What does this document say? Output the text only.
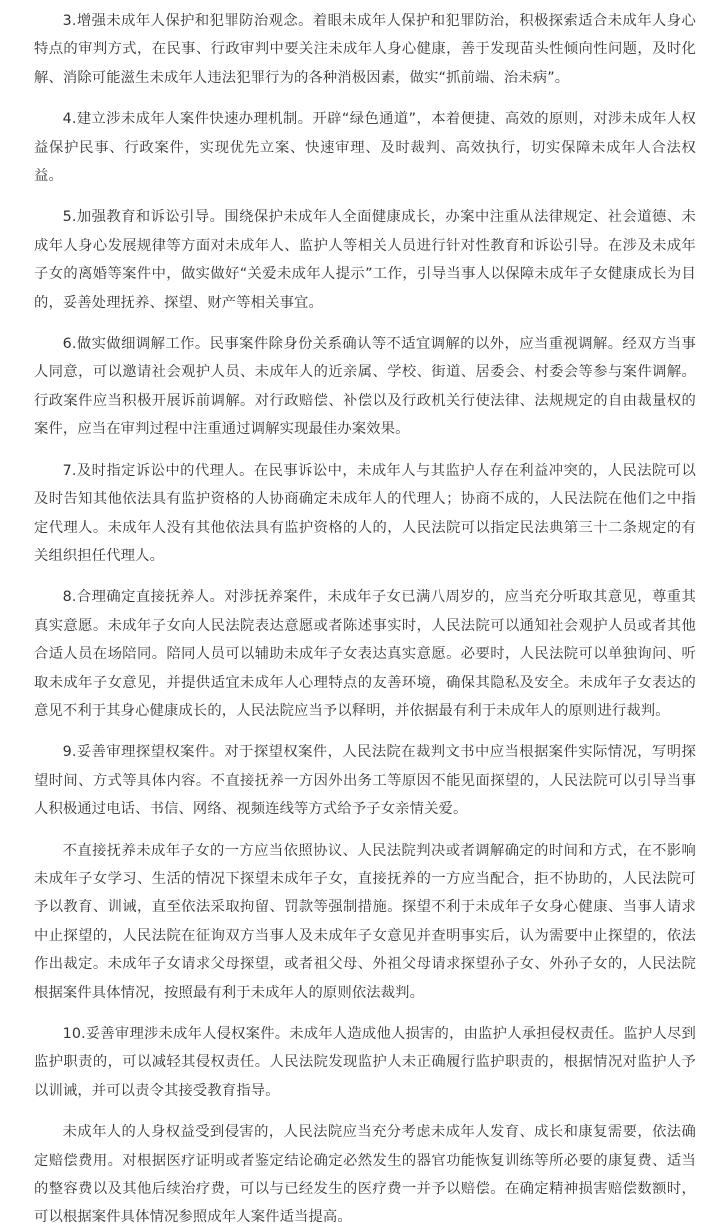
3.增强未成年人保护和犯罪防治观念。着眼未成年人保护和犯罪防治，积极探索适合未成年人身心特点的审判方式，在民事、行政审判中要关注未成年人身心健康，善于发现苗头性倾向性问题，及时化解、消除可能滋生未成年人违法犯罪行为的各种消极因素，做实“抓前端、治未病”。

4.建立涉未成年人案件快速办理机制。开辟“绿色通道”，本着便捷、高效的原则，对涉未成年人权益保护民事、行政案件，实现优先立案、快速审理、及时裁判、高效执行，切实保障未成年人合法权益。

5.加强教育和诉讼引导。围绕保护未成年人全面健康成长，办案中注重从法律规定、社会道德、未成年人身心发展规律等方面对未成年人、监护人等相关人员进行针对性教育和诉讼引导。在涉及未成年子女的离婚等案件中，做实做好“关爱未成年人提示”工作，引导当事人以保障未成年子女健康成长为目的，妥善处理抚养、探望、财产等相关事宜。

6.做实做细调解工作。民事案件除身份关系确认等不适宜调解的以外，应当重视调解。经双方当事人同意，可以邀请社会观护人员、未成年人的近亲属、学校、街道、居委会、村委会等参与案件调解。行政案件应当积极开展诉前调解。对行政赔偿、补偿以及行政机关行使法律、法规规定的自由裁量权的案件，应当在审判过程中注重通过调解实现最佳办案效果。

7.及时指定诉讼中的代理人。在民事诉讼中，未成年人与其监护人存在利益冲突的，人民法院可以及时告知其他依法具有监护资格的人协商确定未成年人的代理人；协商不成的，人民法院在他们之中指定代理人。未成年人没有其他依法具有监护资格的人的，人民法院可以指定民法典第三十二条规定的有关组织担任代理人。

8.合理确定直接抚养人。对涉抚养案件，未成年子女已满八周岁的，应当充分听取其意见，尊重其真实意愿。未成年子女向人民法院表达意愿或者陈述事实时，人民法院可以通知社会观护人员或者其他合适人员在场陪同。陪同人员可以辅助未成年子女表达真实意愿。必要时，人民法院可以单独询问、听取未成年子女意见，并提供适宜未成年人心理特点的友善环境，确保其隐私及安全。未成年子女表达的意见不利于其身心健康成长的，人民法院应当予以释明，并依据最有利于未成年人的原则进行裁判。

9.妥善审理探望权案件。对于探望权案件，人民法院在裁判文书中应当根据案件实际情况，写明探望时间、方式等具体内容。不直接抚养一方因外出务工等原因不能见面探望的，人民法院可以引导当事人积极通过电话、书信、网络、视频连线等方式给予子女亲情关爱。

不直接抚养未成年子女的一方应当依照协议、人民法院判决或者调解确定的时间和方式，在不影响未成年子女学习、生活的情况下探望未成年子女，直接抚养的一方应当配合，拒不协助的，人民法院可予以教育、训诫，直至依法采取拘留、罚款等强制措施。探望不利于未成年子女身心健康、当事人请求中止探望的，人民法院在征询双方当事人及未成年子女意见并查明事实后，认为需要中止探望的，依法作出裁定。未成年子女请求父母探望，或者祖父母、外祖父母请求探望孙子女、外孙子女的，人民法院根据案件具体情况，按照最有利于未成年人的原则依法裁判。

10.妥善审理涉未成年人侵权案件。未成年人造成他人损害的，由监护人承担侵权责任。监护人尽到监护职责的，可以减轻其侵权责任。人民法院发现监护人未正确履行监护职责的，根据情况对监护人予以训诫，并可以责令其接受教育指导。

未成年人的人身权益受到侵害的，人民法院应当充分考虑未成年人发育、成长和康复需要，依法确定赔偿费用。对根据医疗证明或者鉴定结论确定必然发生的器官功能恢复训练等所必要的康复费、适当的整容费以及其他后续治疗费，可以与已经发生的医疗费一并予以赔偿。在确定精神损害赔偿数额时，可以根据案件具体情况参照成年人案件适当提高。
